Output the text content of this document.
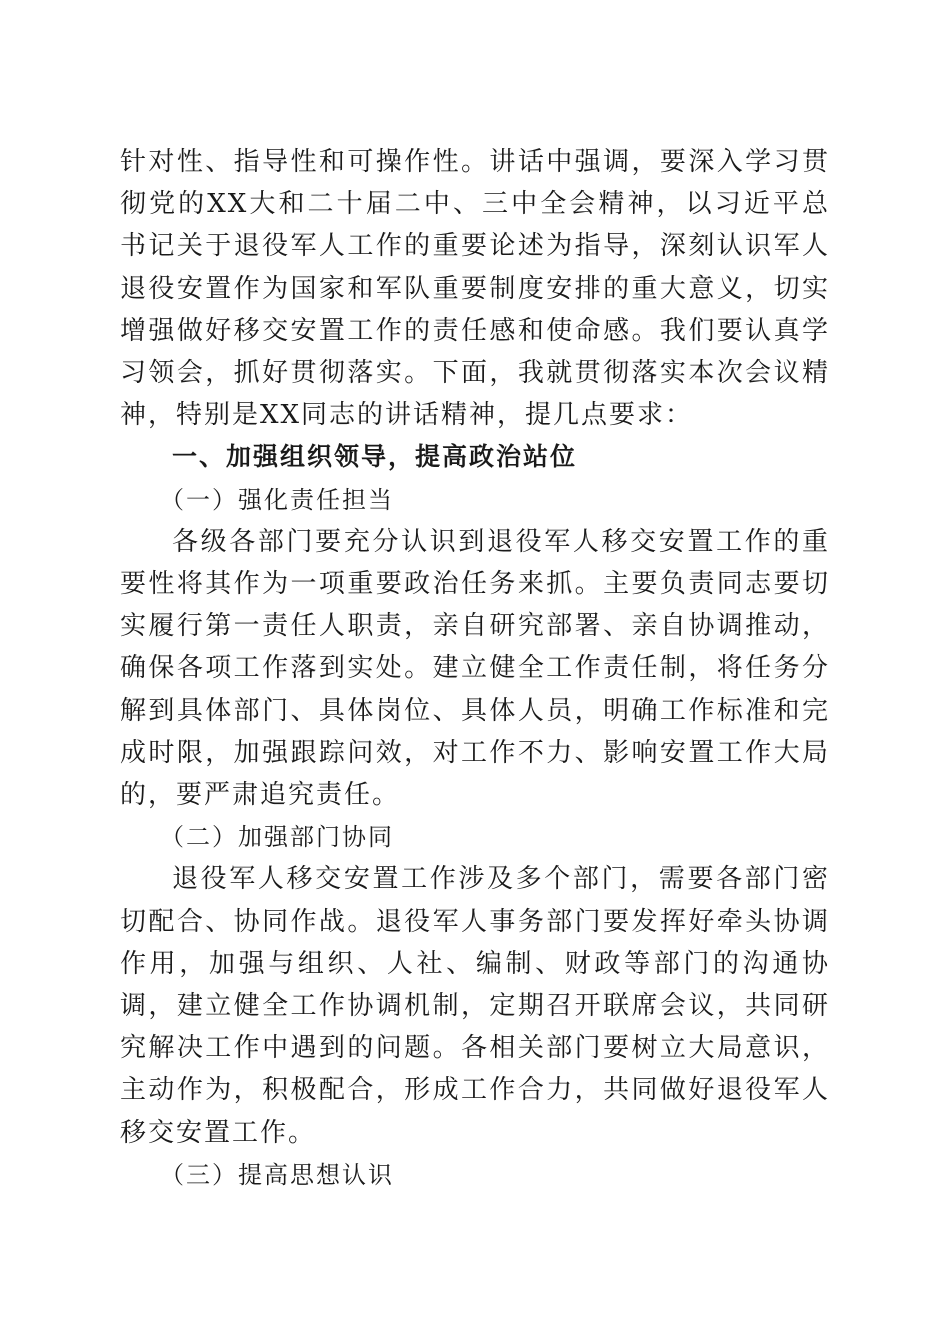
针对性、指导性和可操作性。讲话中强调，要深入学习贯彻党的XX大和二十届二中、三中全会精神，以习近平总书记关于退役军人工作的重要论述为指导，深刻认识军人退役安置作为国家和军队重要制度安排的重大意义，切实增强做好移交安置工作的责任感和使命感。我们要认真学习领会，抓好贯彻落实。下面，我就贯彻落实本次会议精神，特别是XX同志的讲话精神，提几点要求：

一、加强组织领导，提高政治站位

（一）强化责任担当

各级各部门要充分认识到退役军人移交安置工作的重要性将其作为一项重要政治任务来抓。主要负责同志要切实履行第一责任人职责，亲自研究部署、亲自协调推动，确保各项工作落到实处。建立健全工作责任制，将任务分解到具体部门、具体岗位、具体人员，明确工作标准和完成时限，加强跟踪问效，对工作不力、影响安置工作大局的，要严肃追究责任。

（二）加强部门协同

退役军人移交安置工作涉及多个部门，需要各部门密切配合、协同作战。退役军人事务部门要发挥好牵头协调作用，加强与组织、人社、编制、财政等部门的沟通协调，建立健全工作协调机制，定期召开联席会议，共同研究解决工作中遇到的问题。各相关部门要树立大局意识，主动作为，积极配合，形成工作合力，共同做好退役军人移交安置工作。

（三）提高思想认识
